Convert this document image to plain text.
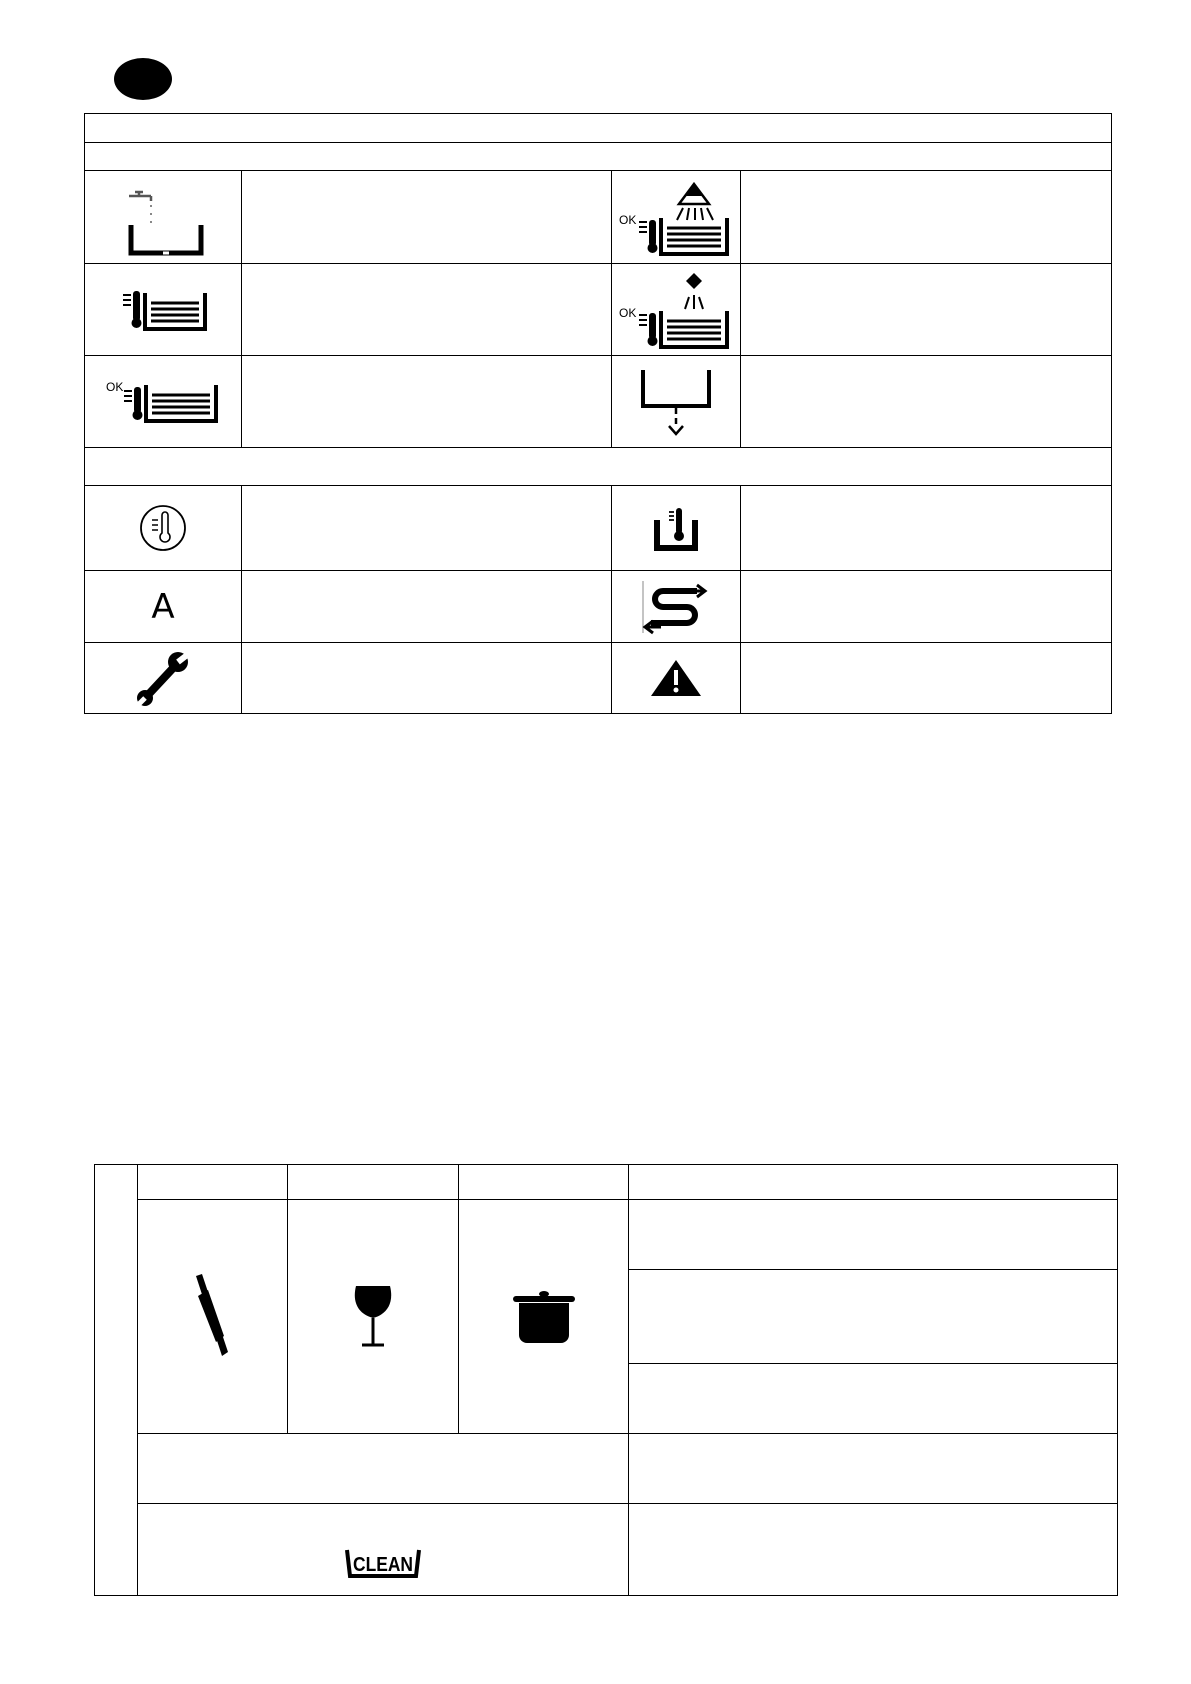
OK	

OK	

OK

A		

CLEAN			
